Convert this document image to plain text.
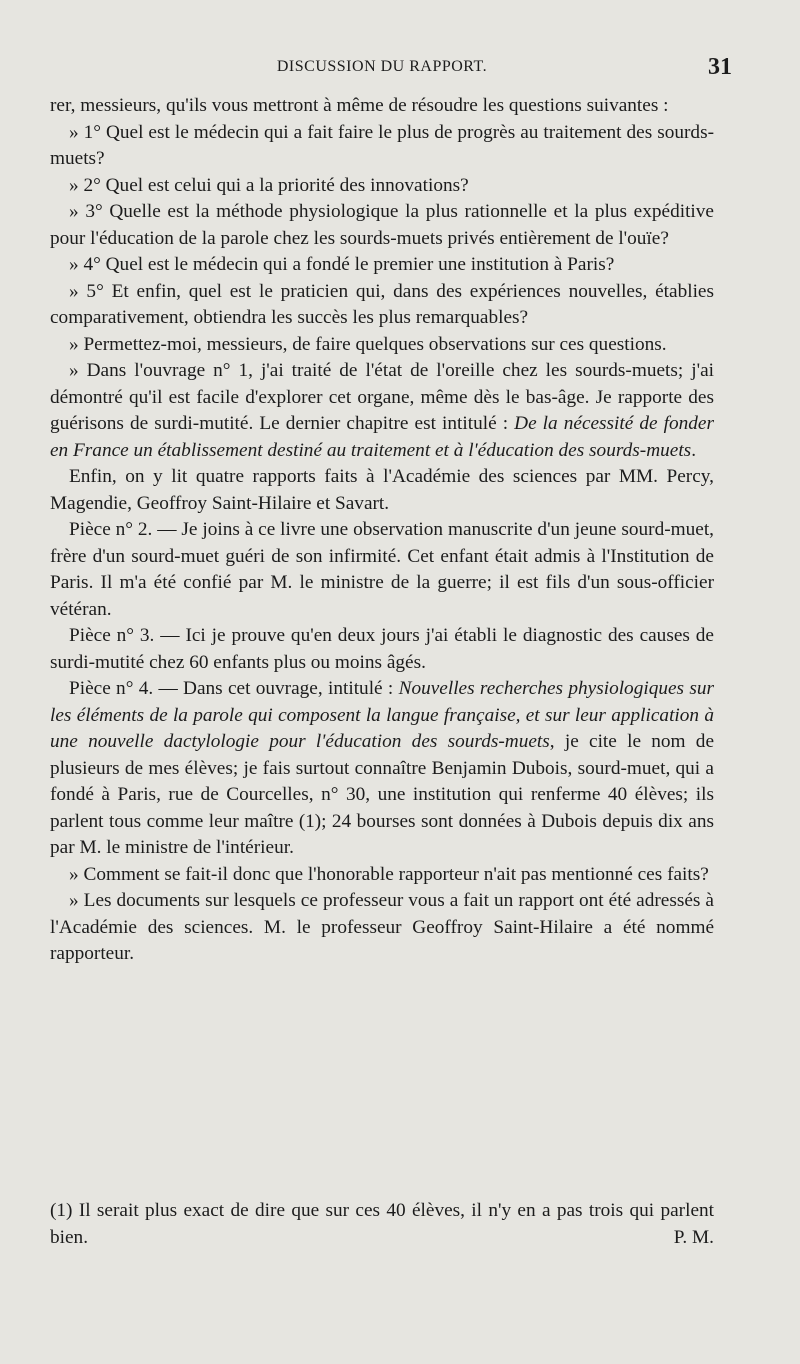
DISCUSSION DU RAPPORT.	31

rer, messieurs, qu'ils vous mettront à même de résoudre les questions suivantes :

» 1° Quel est le médecin qui a fait faire le plus de progrès au traitement des sourds-muets?

» 2° Quel est celui qui a la priorité des innovations?

» 3° Quelle est la méthode physiologique la plus rationnelle et la plus expéditive pour l'éducation de la parole chez les sourds-muets privés entièrement de l'ouïe?

» 4° Quel est le médecin qui a fondé le premier une institution à Paris?

» 5° Et enfin, quel est le praticien qui, dans des expériences nouvelles, établies comparativement, obtiendra les succès les plus remarquables?

» Permettez-moi, messieurs, de faire quelques observations sur ces questions.

» Dans l'ouvrage n° 1, j'ai traité de l'état de l'oreille chez les sourds-muets; j'ai démontré qu'il est facile d'explorer cet organe, même dès le bas-âge. Je rapporte des guérisons de surdi-mutité. Le dernier chapitre est intitulé : De la nécessité de fonder en France un établissement destiné au traitement et à l'éducation des sourds-muets.

Enfin, on y lit quatre rapports faits à l'Académie des sciences par MM. Percy, Magendie, Geoffroy Saint-Hilaire et Savart.

Pièce n° 2. — Je joins à ce livre une observation manuscrite d'un jeune sourd-muet, frère d'un sourd-muet guéri de son infirmité. Cet enfant était admis à l'Institution de Paris. Il m'a été confié par M. le ministre de la guerre; il est fils d'un sous-officier vétéran.

Pièce n° 3. — Ici je prouve qu'en deux jours j'ai établi le diagnostic des causes de surdi-mutité chez 60 enfants plus ou moins âgés.

Pièce n° 4. — Dans cet ouvrage, intitulé : Nouvelles recherches physiologiques sur les éléments de la parole qui composent la langue française, et sur leur application à une nouvelle dactylologie pour l'éducation des sourds-muets, je cite le nom de plusieurs de mes élèves; je fais surtout connaître Benjamin Dubois, sourd-muet, qui a fondé à Paris, rue de Courcelles, n° 30, une institution qui renferme 40 élèves; ils parlent tous comme leur maître (1); 24 bourses sont données à Dubois depuis dix ans par M. le ministre de l'intérieur.

» Comment se fait-il donc que l'honorable rapporteur n'ait pas mentionné ces faits?

» Les documents sur lesquels ce professeur vous a fait un rapport ont été adressés à l'Académie des sciences. M. le professeur Geoffroy Saint-Hilaire a été nommé rapporteur.

(1) Il serait plus exact de dire que sur ces 40 élèves, il n'y en a pas trois qui parlent bien.	P. M.
